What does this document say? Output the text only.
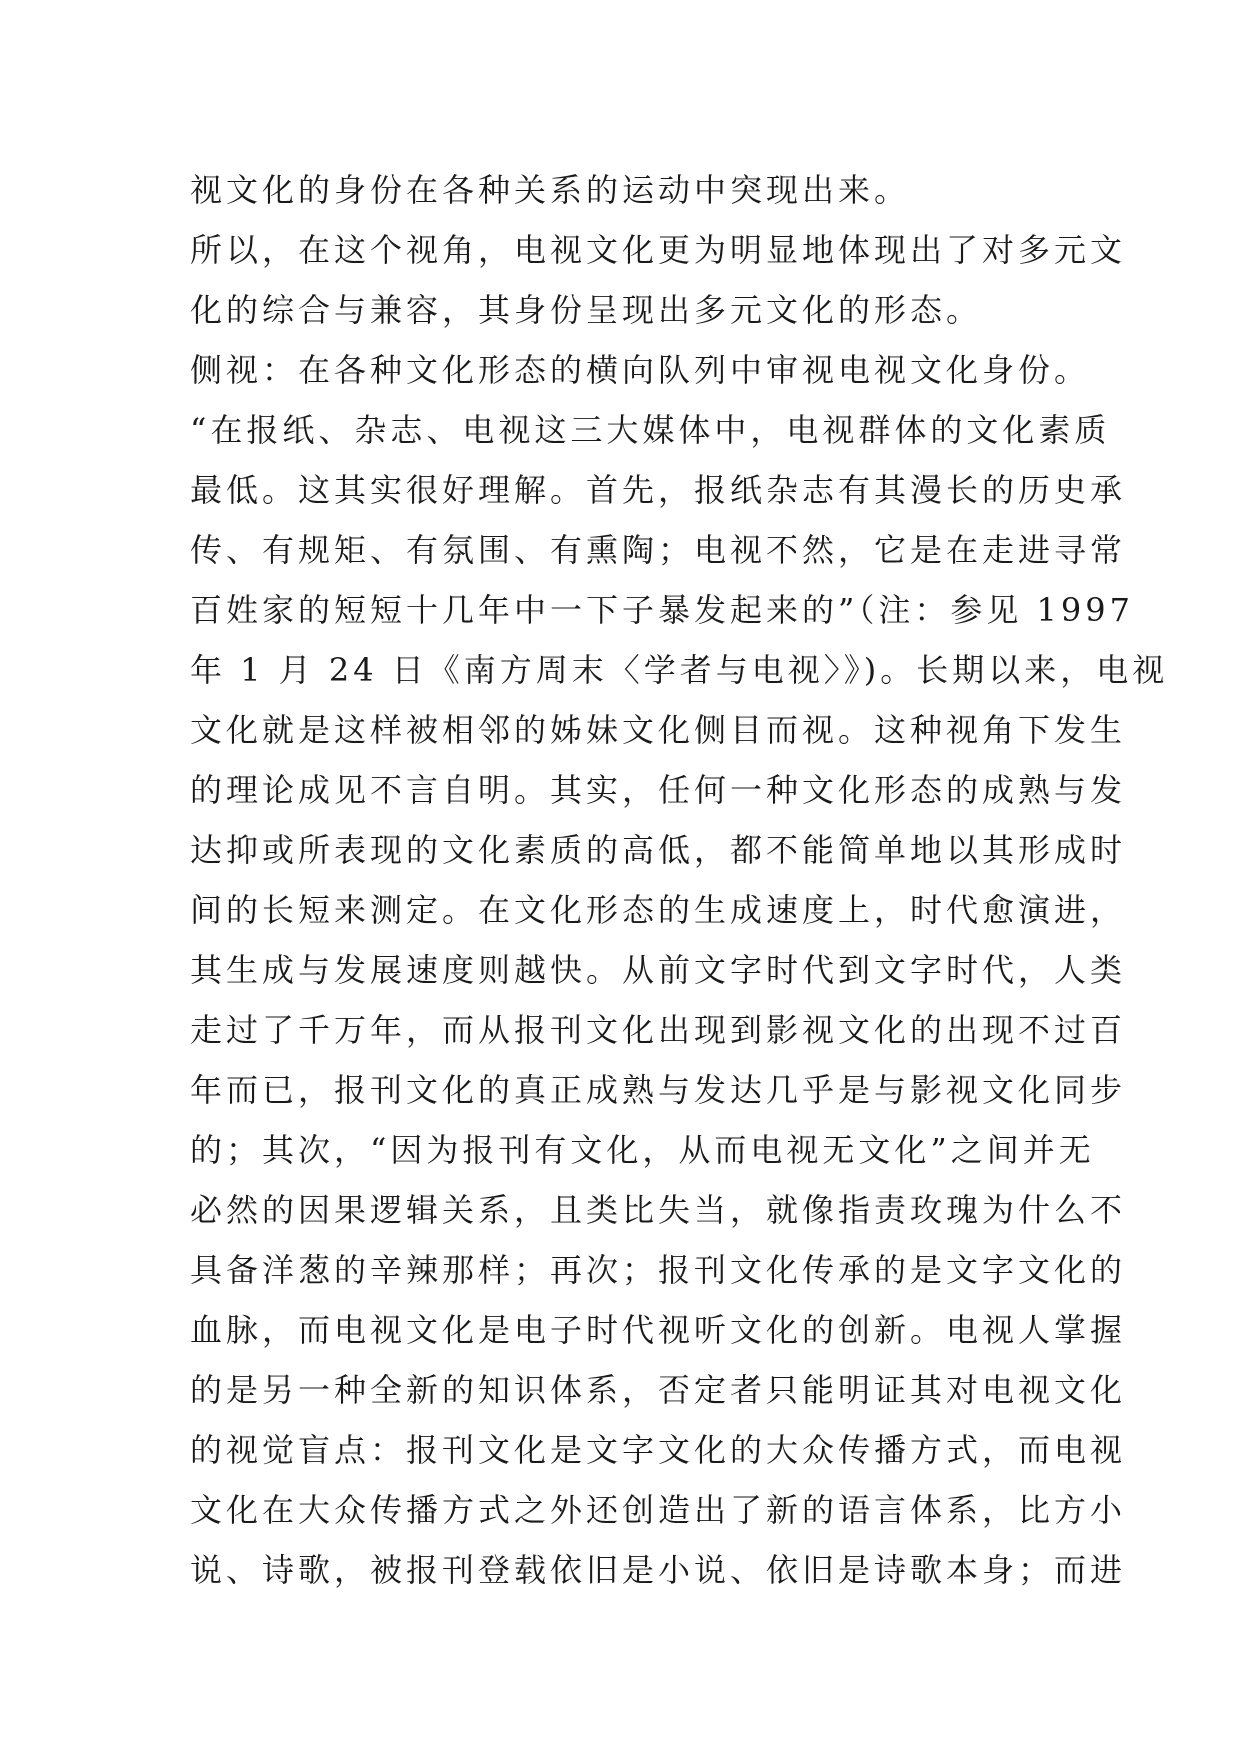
视文化的身份在各种关系的运动中突现出来。
所以，在这个视角，电视文化更为明显地体现出了对多元文
化的综合与兼容，其身份呈现出多元文化的形态。
侧视：在各种文化形态的横向队列中审视电视文化身份。
“在报纸、杂志、电视这三大媒体中，电视群体的文化素质
最低。这其实很好理解。首先，报纸杂志有其漫长的历史承
传、有规矩、有氛围、有熏陶；电视不然，它是在走进寻常
百姓家的短短十几年中一下子暴发起来的”（注：参见 1997
年 1 月 24 日《南方周末〈学者与电视〉》)。长期以来，电视
文化就是这样被相邻的姊妹文化侧目而视。这种视角下发生
的理论成见不言自明。其实，任何一种文化形态的成熟与发
达抑或所表现的文化素质的高低，都不能简单地以其形成时
间的长短来测定。在文化形态的生成速度上，时代愈演进，
其生成与发展速度则越快。从前文字时代到文字时代，人类
走过了千万年，而从报刊文化出现到影视文化的出现不过百
年而已，报刊文化的真正成熟与发达几乎是与影视文化同步
的；其次，“因为报刊有文化，从而电视无文化”之间并无
必然的因果逻辑关系，且类比失当，就像指责玫瑰为什么不
具备洋葱的辛辣那样；再次；报刊文化传承的是文字文化的
血脉，而电视文化是电子时代视听文化的创新。电视人掌握
的是另一种全新的知识体系，否定者只能明证其对电视文化
的视觉盲点：报刊文化是文字文化的大众传播方式，而电视
文化在大众传播方式之外还创造出了新的语言体系，比方小
说、诗歌，被报刊登载依旧是小说、依旧是诗歌本身；而进
